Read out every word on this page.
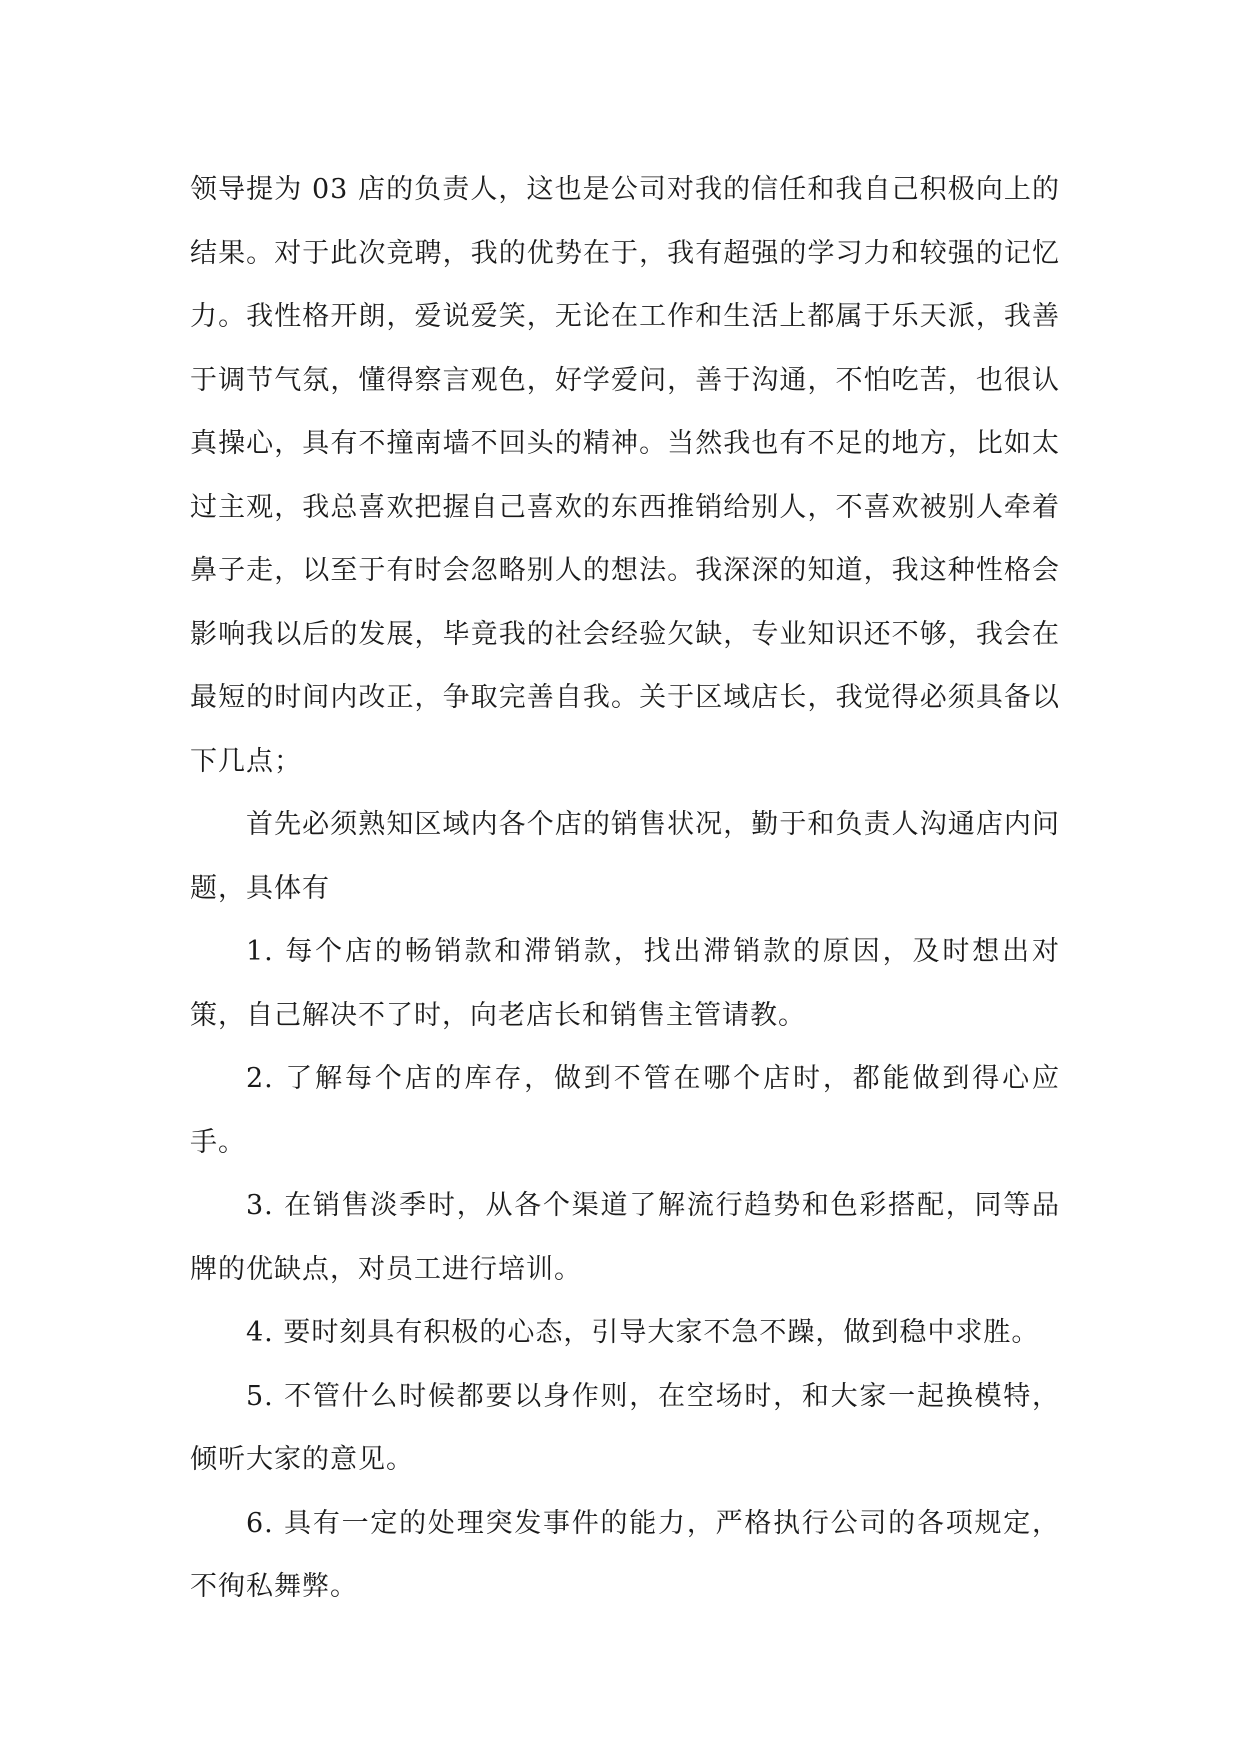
领导提为 03 店的负责人，这也是公司对我的信任和我自己积极向上的结果。对于此次竞聘，我的优势在于，我有超强的学习力和较强的记忆力。我性格开朗，爱说爱笑，无论在工作和生活上都属于乐天派，我善于调节气氛，懂得察言观色，好学爱问，善于沟通，不怕吃苦，也很认真操心，具有不撞南墙不回头的精神。当然我也有不足的地方，比如太过主观，我总喜欢把握自己喜欢的东西推销给别人，不喜欢被别人牵着鼻子走，以至于有时会忽略别人的想法。我深深的知道，我这种性格会影响我以后的发展，毕竟我的社会经验欠缺，专业知识还不够，我会在最短的时间内改正，争取完善自我。关于区域店长，我觉得必须具备以下几点；

首先必须熟知区域内各个店的销售状况，勤于和负责人沟通店内问题，具体有

1. 每个店的畅销款和滞销款，找出滞销款的原因，及时想出对策，自己解决不了时，向老店长和销售主管请教。

2. 了解每个店的库存，做到不管在哪个店时，都能做到得心应手。

3. 在销售淡季时，从各个渠道了解流行趋势和色彩搭配，同等品牌的优缺点，对员工进行培训。

4. 要时刻具有积极的心态，引导大家不急不躁，做到稳中求胜。

5. 不管什么时候都要以身作则，在空场时，和大家一起换模特，倾听大家的意见。

6. 具有一定的处理突发事件的能力，严格执行公司的各项规定，不徇私舞弊。
